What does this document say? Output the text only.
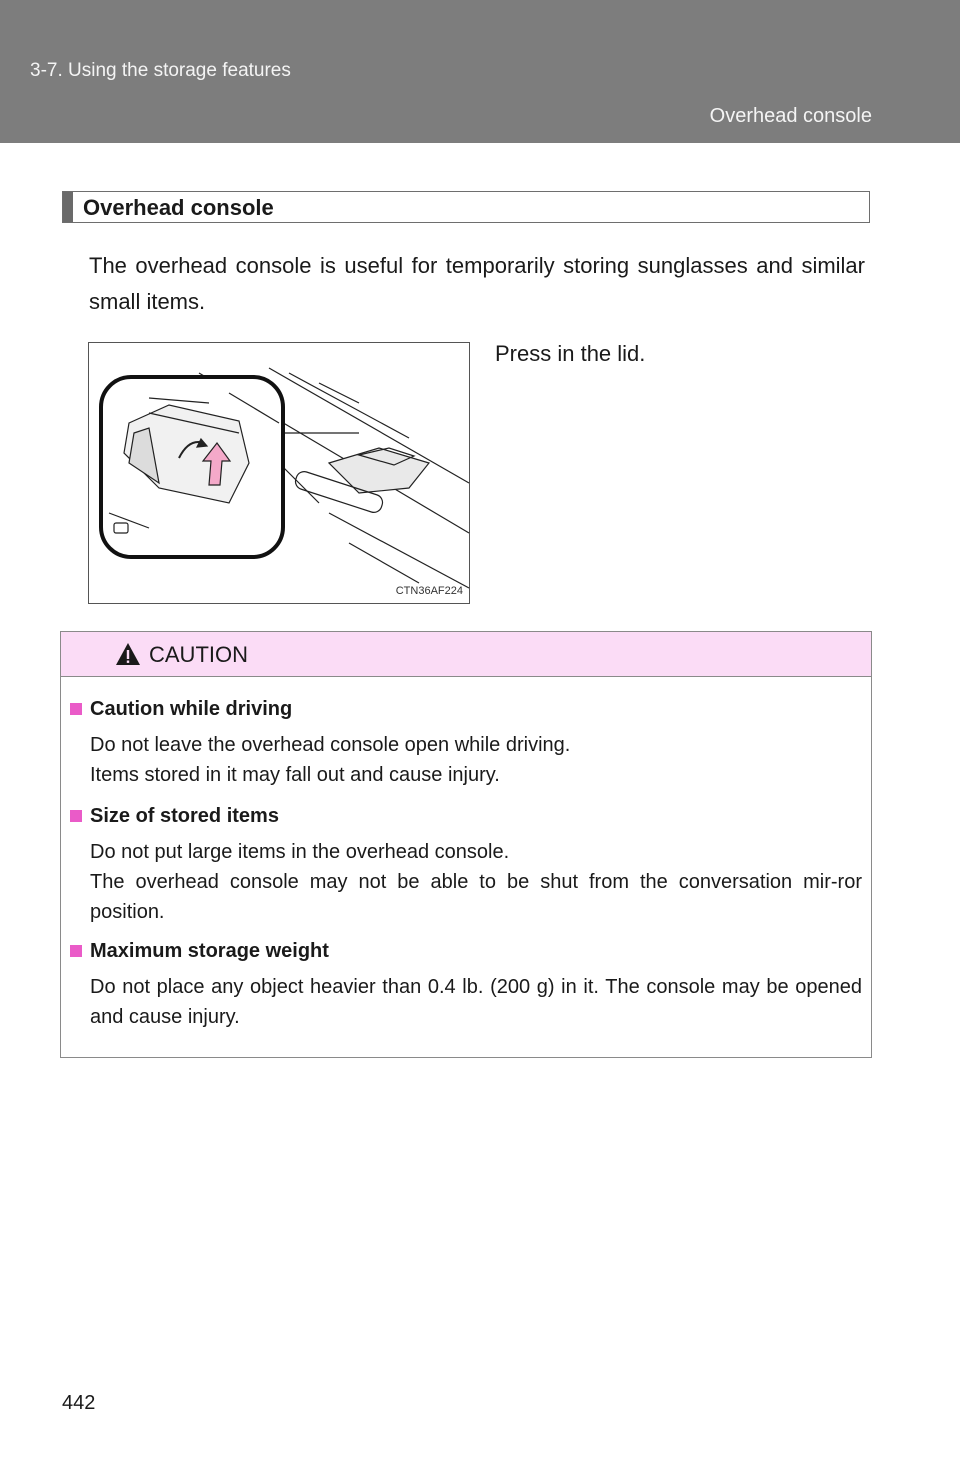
3-7. Using the storage features
Overhead console
Overhead console
The overhead console is useful for temporarily storing sunglasses and similar small items.
CTN36AF224
Press in the lid.
CAUTION
Caution while driving
Do not leave the overhead console open while driving.
Items stored in it may fall out and cause injury.
Size of stored items
Do not put large items in the overhead console.
The overhead console may not be able to be shut from the conversation mir-ror position.
Maximum storage weight
Do not place any object heavier than 0.4 lb. (200 g) in it. The console may be opened and cause injury.
442
